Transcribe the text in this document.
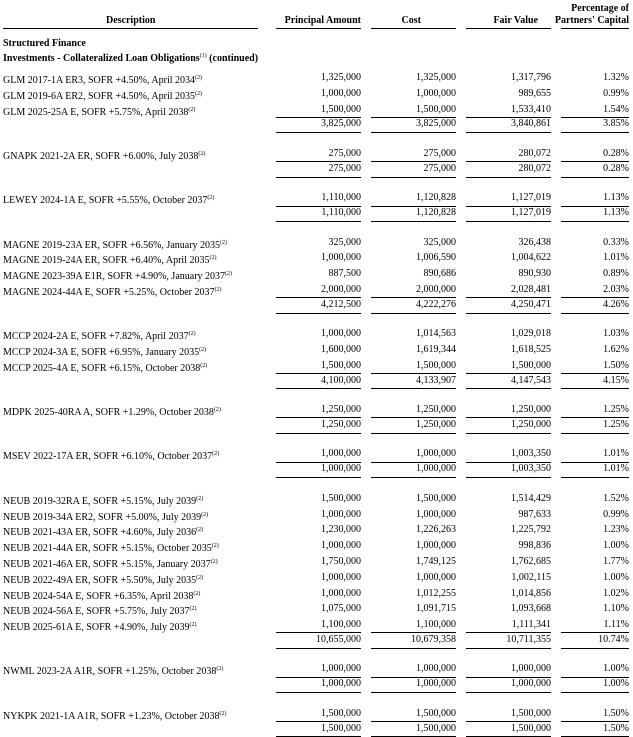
Description	Principal Amount	Cost	Fair Value
Percentage of
Partners' Capital
Structured Finance
Investments - Collateralized Loan Obligations$^{(1)}$ (continued)
GLM 2017-1A ER3, SOFR +4.50%, April 2034$^{(2)}$	1,325,000	1,325,000	1,317,796	1.32%
GLM 2019-6A ER2, SOFR +4.50%, April 2035$^{(2)}$	1,000,000	1,000,000	989,655	0.99%
GLM 2025-25A E, SOFR +5.75%, April 2038$^{(2)}$	1,500,000	1,500,000	1,533,410	1.54%
3,825,000	3,825,000	3,840,861	3.85%
GNAPK 2021-2A ER, SOFR +6.00%, July 2038$^{(2)}$	275,000	275,000	280,072	0.28%
275,000	275,000	280,072	0.28%
LEWEY 2024-1A E, SOFR +5.55%, October 2037$^{(2)}$	1,110,000	1,120,828	1,127,019	1.13%
1,110,000	1,120,828	1,127,019	1.13%
MAGNE 2019-23A ER, SOFR +6.56%, January 2035$^{(2)}$	325,000	325,000	326,438	0.33%
MAGNE 2019-24A ER, SOFR +6.40%, April 2035$^{(2)}$	1,000,000	1,006,590	1,004,622	1.01%
MAGNE 2023-39A E1R, SOFR +4.90%, January 2037$^{(2)}$	887,500	890,686	890,930	0.89%
MAGNE 2024-44A E, SOFR +5.25%, October 2037$^{(2)}$	2,000,000	2,000,000	2,028,481	2.03%
4,212,500	4,222,276	4,250,471	4.26%
MCCP 2024-2A E, SOFR +7.82%, April 2037$^{(2)}$	1,000,000	1,014,563	1,029,018	1.03%
MCCP 2024-3A E, SOFR +6.95%, January 2035$^{(2)}$	1,600,000	1,619,344	1,618,525	1.62%
MCCP 2025-4A E, SOFR +6.15%, October 2038$^{(2)}$	1,500,000	1,500,000	1,500,000	1.50%
4,100,000	4,133,907	4,147,543	4.15%
MDPK 2025-40RA A, SOFR +1.29%, October 2038$^{(2)}$	1,250,000	1,250,000	1,250,000	1.25%
1,250,000	1,250,000	1,250,000	1.25%
MSEV 2022-17A ER, SOFR +6.10%, October 2037$^{(2)}$	1,000,000	1,000,000	1,003,350	1.01%
1,000,000	1,000,000	1,003,350	1.01%
NEUB 2019-32RA E, SOFR +5.15%, July 2039$^{(2)}$	1,500,000	1,500,000	1,514,429	1.52%
NEUB 2019-34A ER2, SOFR +5.00%, July 2039$^{(2)}$	1,000,000	1,000,000	987,633	0.99%
NEUB 2021-43A ER, SOFR +4.60%, July 2036$^{(2)}$	1,230,000	1,226,263	1,225,792	1.23%
NEUB 2021-44A ER, SOFR +5.15%, October 2035$^{(2)}$	1,000,000	1,000,000	998,836	1.00%
NEUB 2021-46A ER, SOFR +5.15%, January 2037$^{(2)}$	1,750,000	1,749,125	1,762,685	1.77%
NEUB 2022-49A ER, SOFR +5.50%, July 2035$^{(2)}$	1,000,000	1,000,000	1,002,115	1.00%
NEUB 2024-54A E, SOFR +6.35%, April 2038$^{(2)}$	1,000,000	1,012,255	1,014,856	1.02%
NEUB 2024-56A E, SOFR +5.75%, July 2037$^{(2)}$	1,075,000	1,091,715	1,093,668	1.10%
NEUB 2025-61A E, SOFR +4.90%, July 2039$^{(2)}$	1,100,000	1,100,000	1,111,341	1.11%
10,655,000	10,679,358	10,711,355	10.74%
NWML 2023-2A A1R, SOFR +1.25%, October 2038$^{(2)}$	1,000,000	1,000,000	1,000,000	1.00%
1,000,000	1,000,000	1,000,000	1.00%
NYKPK 2021-1A A1R, SOFR +1.23%, October 2038$^{(2)}$	1,500,000	1,500,000	1,500,000	1.50%
1,500,000	1,500,000	1,500,000	1.50%
